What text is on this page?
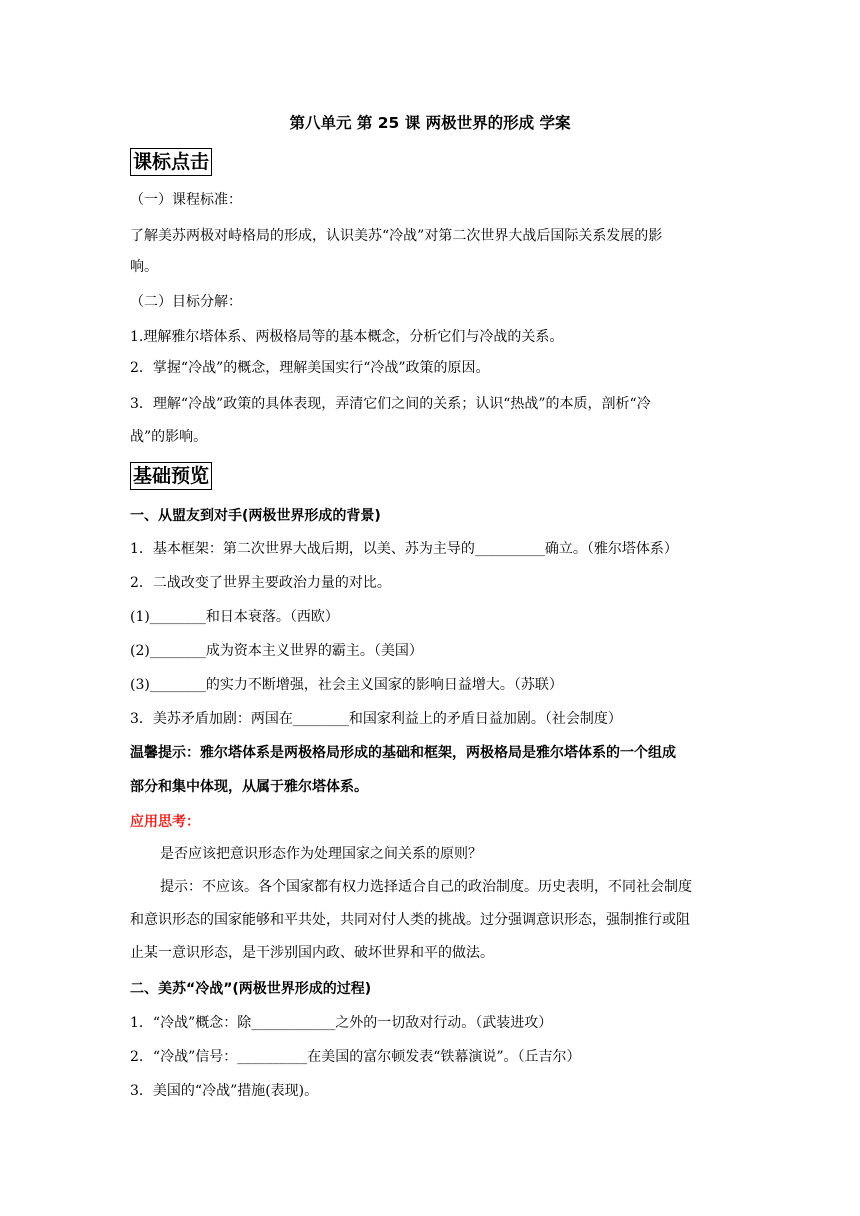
第八单元 第 25 课 两极世界的形成 学案
课标点击
（一）课程标准：
了解美苏两极对峙格局的形成，认识美苏“冷战”对第二次世界大战后国际关系发展的影
响。
（二）目标分解：
1.理解雅尔塔体系、两极格局等的基本概念，分析它们与冷战的关系。
2．掌握“冷战”的概念，理解美国实行“冷战”政策的原因。
3．理解“冷战”政策的具体表现，弄清它们之间的关系；认识“热战”的本质，剖析“冷
战”的影响。
基础预览
一、从盟友到对手(两极世界形成的背景)
1．基本框架：第二次世界大战后期，以美、苏为主导的__________确立。（雅尔塔体系）
2．二战改变了世界主要政治力量的对比。
(1)________和日本衰落。（西欧）
(2)________成为资本主义世界的霸主。（美国）
(3)________的实力不断增强，社会主义国家的影响日益增大。（苏联）
3．美苏矛盾加剧：两国在________和国家利益上的矛盾日益加剧。（社会制度）
温馨提示：雅尔塔体系是两极格局形成的基础和框架，两极格局是雅尔塔体系的一个组成
部分和集中体现，从属于雅尔塔体系。
应用思考：
是否应该把意识形态作为处理国家之间关系的原则？
提示：不应该。各个国家都有权力选择适合自己的政治制度。历史表明，不同社会制度
和意识形态的国家能够和平共处，共同对付人类的挑战。过分强调意识形态，强制推行或阻
止某一意识形态，是干涉别国内政、破坏世界和平的做法。
二、美苏“冷战”(两极世界形成的过程)
1．“冷战”概念：除____________之外的一切敌对行动。（武装进攻）
2．“冷战”信号：__________在美国的富尔顿发表“铁幕演说”。（丘吉尔）
3．美国的“冷战”措施(表现)。
